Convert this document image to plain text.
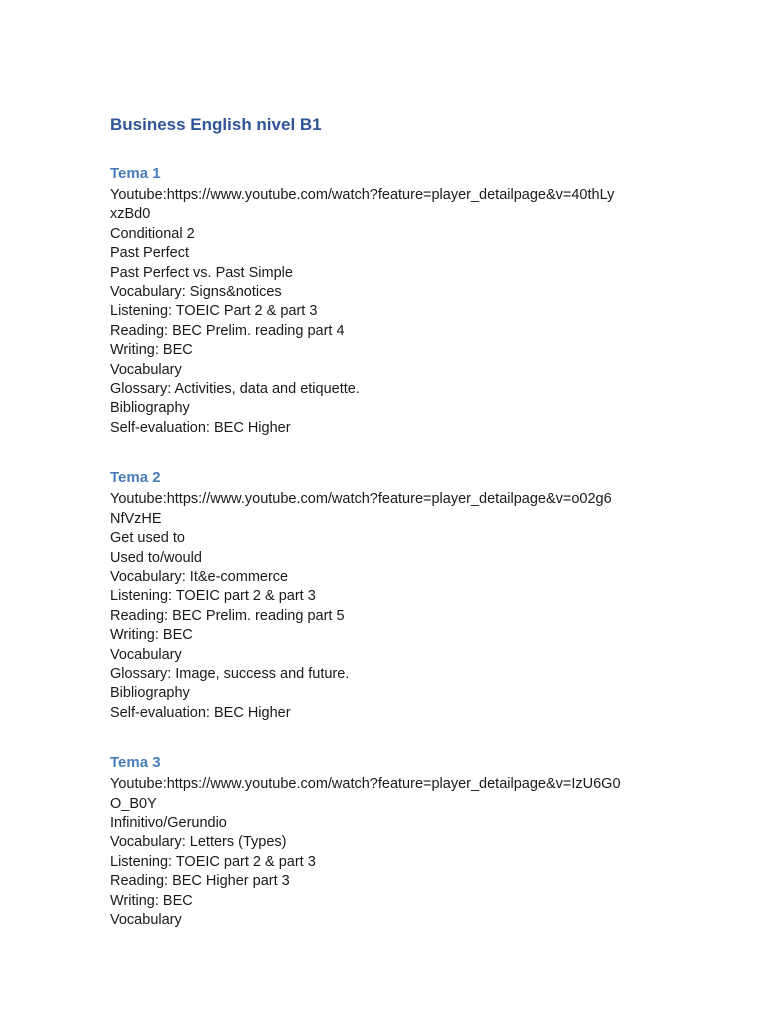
Business English nivel B1
Tema 1
Youtube:https://www.youtube.com/watch?feature=player_detailpage&v=40thLy
xzBd0
Conditional 2
Past Perfect
Past Perfect vs. Past Simple
Vocabulary: Signs&notices
Listening: TOEIC Part 2 & part 3
Reading: BEC Prelim. reading part 4
Writing: BEC
Vocabulary
Glossary: Activities, data and etiquette.
Bibliography
Self-evaluation: BEC Higher
Tema 2
Youtube:https://www.youtube.com/watch?feature=player_detailpage&v=o02g6
NfVzHE
Get used to
Used to/would
Vocabulary: It&e-commerce
Listening: TOEIC part 2 & part 3
Reading: BEC Prelim. reading part 5
Writing: BEC
Vocabulary
Glossary: Image, success and future.
Bibliography
Self-evaluation: BEC Higher
Tema 3
Youtube:https://www.youtube.com/watch?feature=player_detailpage&v=IzU6G0
O_B0Y
Infinitivo/Gerundio
Vocabulary: Letters (Types)
Listening: TOEIC part 2 & part 3
Reading: BEC Higher part 3
Writing: BEC
Vocabulary
